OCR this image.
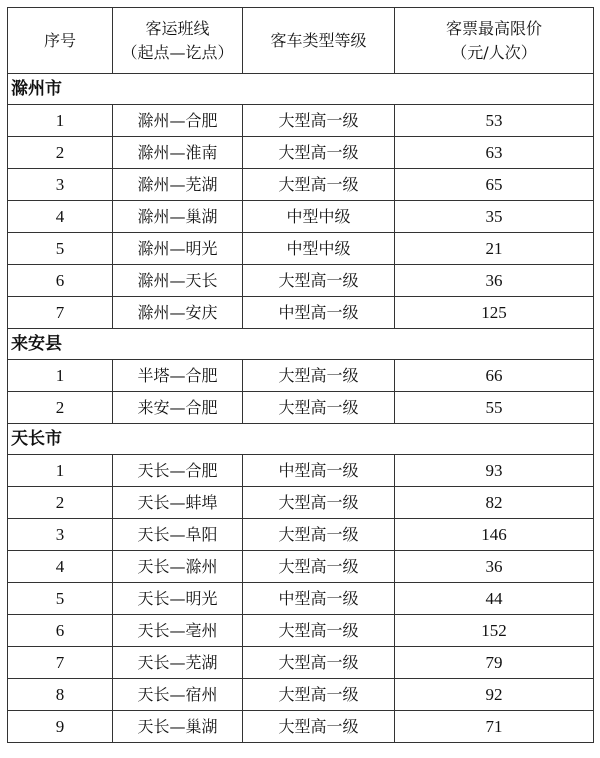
序号	客运班线
（起点—讫点）	客车类型等级	客票最高限价
（元/人次）

滁州市			
1	滁州—合肥	大型高一级	53
2	滁州—淮南	大型高一级	63
3	滁州—芜湖	大型高一级	65
4	滁州—巢湖	中型中级	35
5	滁州—明光	中型中级	21
6	滁州—天长	大型高一级	36
7	滁州—安庆	中型高一级	125
来安县			
1	半塔—合肥	大型高一级	66
2	来安—合肥	大型高一级	55
天长市			
1	天长—合肥	中型高一级	93
2	天长—蚌埠	大型高一级	82
3	天长—阜阳	大型高一级	146
4	天长—滁州	大型高一级	36
5	天长—明光	中型高一级	44
6	天长—亳州	大型高一级	152
7	天长—芜湖	大型高一级	79
8	天长—宿州	大型高一级	92
9	天长—巢湖	大型高一级	71
